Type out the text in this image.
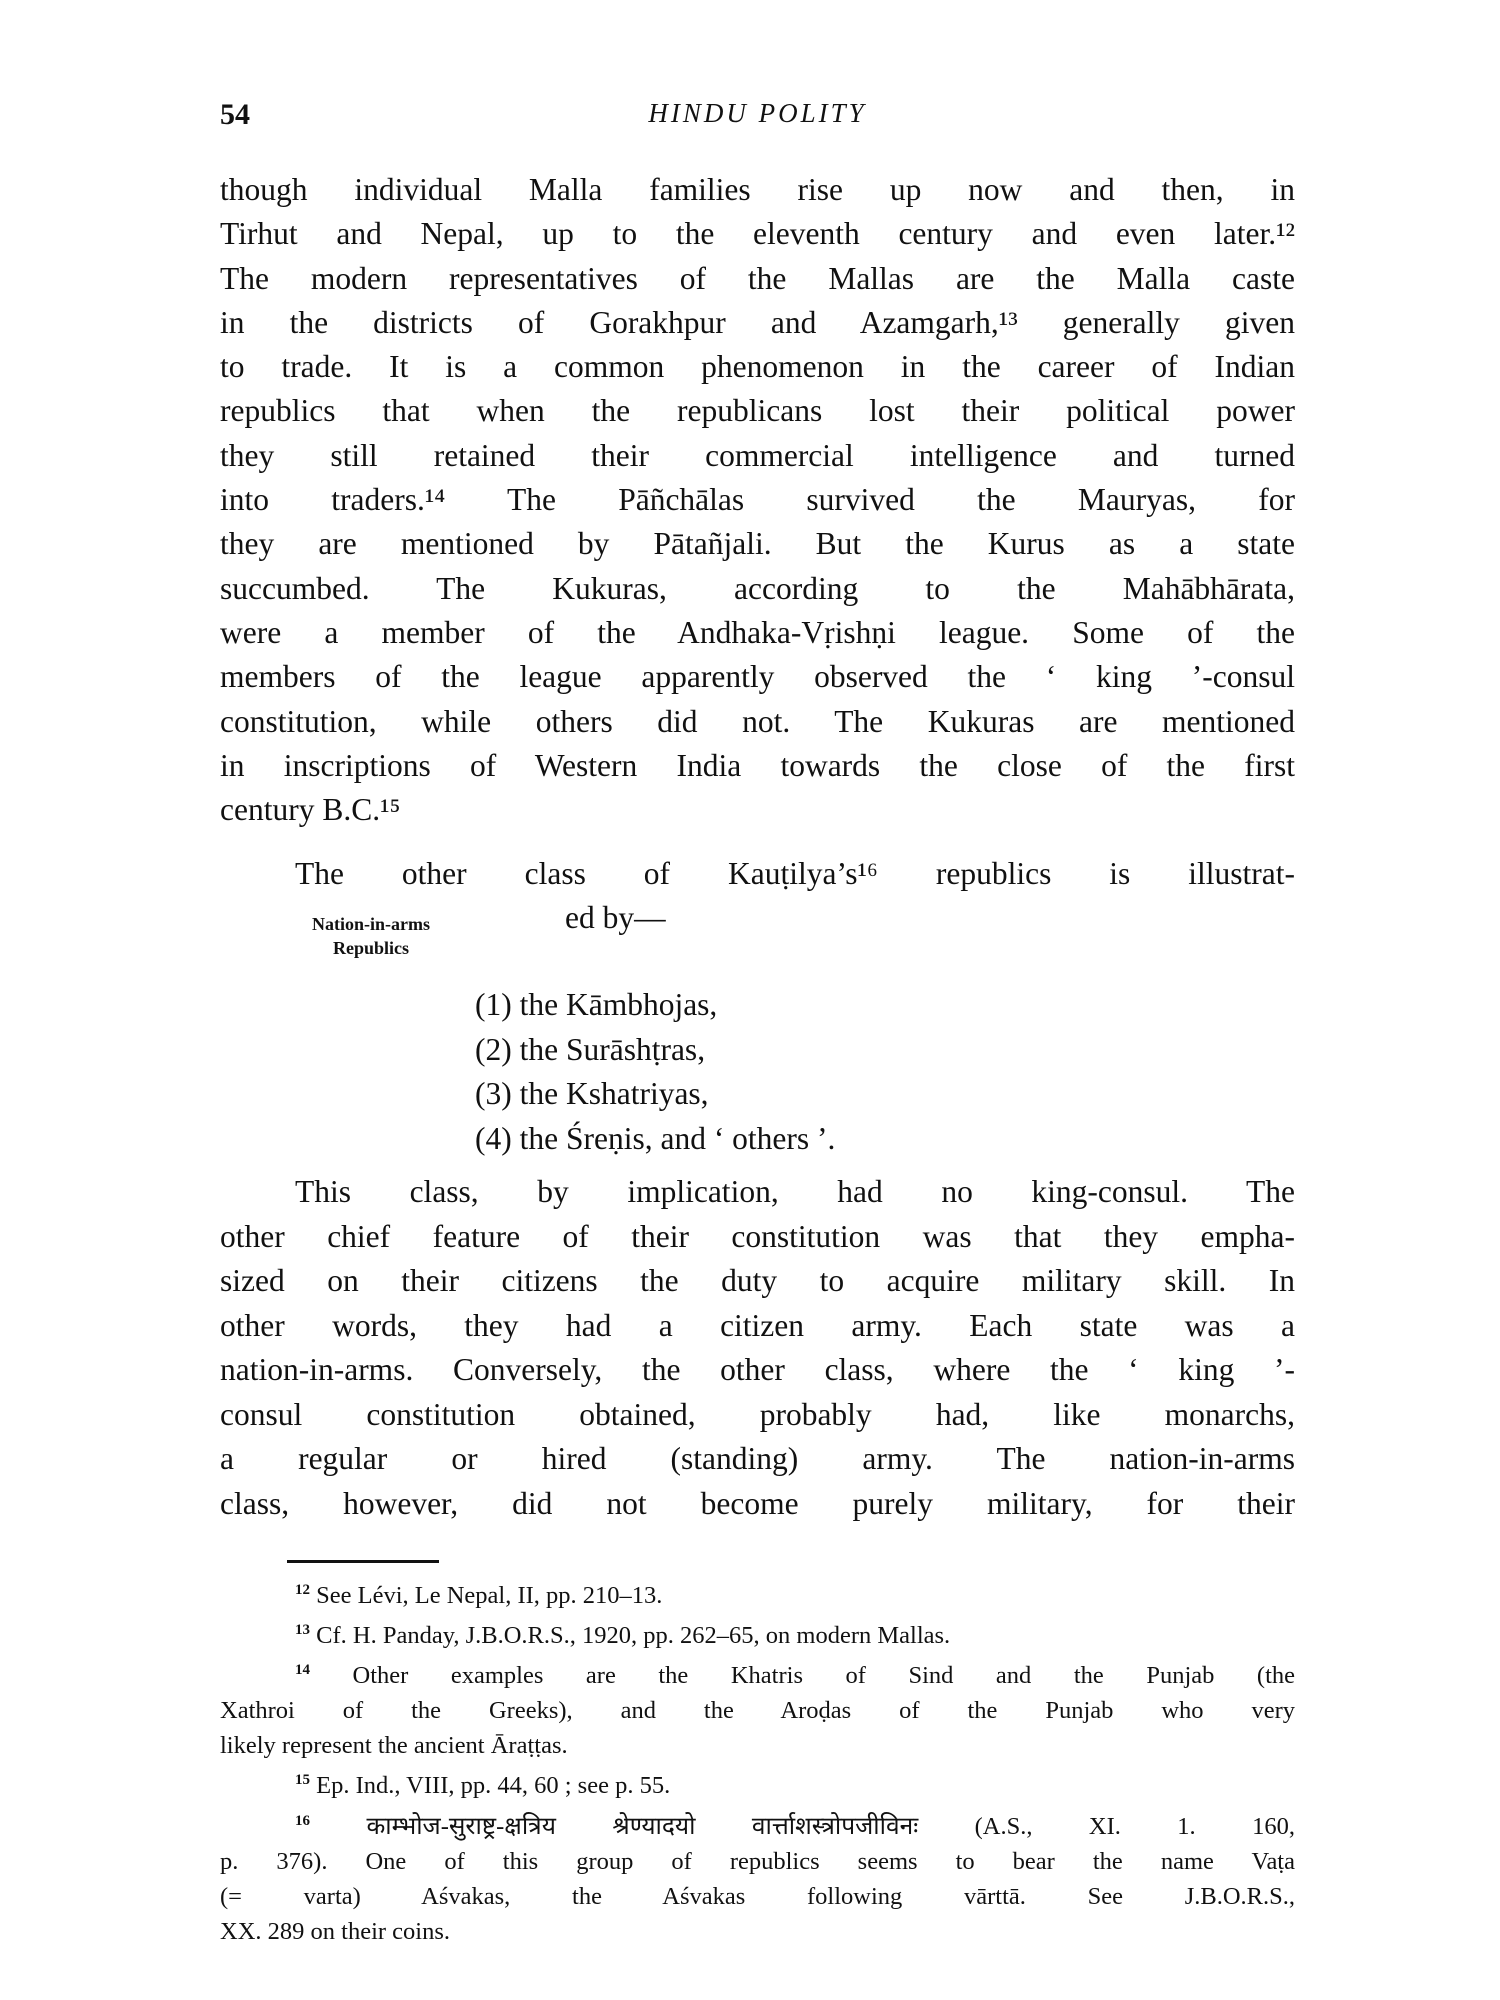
54	HINDU POLITY
though individual Malla families rise up now and then, in
Tirhut and Nepal, up to the eleventh century and even later.¹²
The modern representatives of the Mallas are the Malla caste
in the districts of Gorakhpur and Azamgarh,¹³ generally given
to trade. It is a common phenomenon in the career of Indian
republics that when the republicans lost their political power
they still retained their commercial intelligence and turned
into traders.¹⁴ The Pāñchālas survived the Mauryas, for
they are mentioned by Pātañjali. But the Kurus as a state
succumbed. The Kukuras, according to the Mahābhārata,
were a member of the Andhaka-Vṛishṇi league. Some of the
members of the league apparently observed the ‘ king ’-consul
constitution, while others did not. The Kukuras are mentioned
in inscriptions of Western India towards the close of the first
century B.C.¹⁵
The other class of Kauṭilya’s¹⁶ republics is illustrat-
ed by—
Nation-in-arms
Republics
(1) the Kāmbhojas,
(2) the Surāshṭras,
(3) the Kshatriyas,
(4) the Śreṇis, and ‘ others ’.
This class, by implication, had no king-consul. The
other chief feature of their constitution was that they empha-
sized on their citizens the duty to acquire military skill. In
other words, they had a citizen army. Each state was a
nation-in-arms. Conversely, the other class, where the ‘ king ’-
consul constitution obtained, probably had, like monarchs,
a regular or hired (standing) army. The nation-in-arms
class, however, did not become purely military, for their
$^{12}$ See Lévi, Le Nepal, II, pp. 210–13.
$^{13}$ Cf. H. Panday, J.B.O.R.S., 1920, pp. 262–65, on modern Mallas.
$^{14}$ Other examples are the Khatris of Sind and the Punjab (the
Xathroi of the Greeks), and the Aroḍas of the Punjab who very
likely represent the ancient Āraṭṭas.
$^{15}$ Ep. Ind., VIII, pp. 44, 60 ; see p. 55.
$^{16}$ काम्भोज-सुराष्ट्र-क्षत्रिय श्रेण्यादयो वार्त्ताशस्त्रोपजीविनः (A.S., XI. 1. 160,
p. 376). One of this group of republics seems to bear the name Vaṭa
(= varta) Aśvakas, the Aśvakas following vārttā. See J.B.O.R.S.,
XX. 289 on their coins.
